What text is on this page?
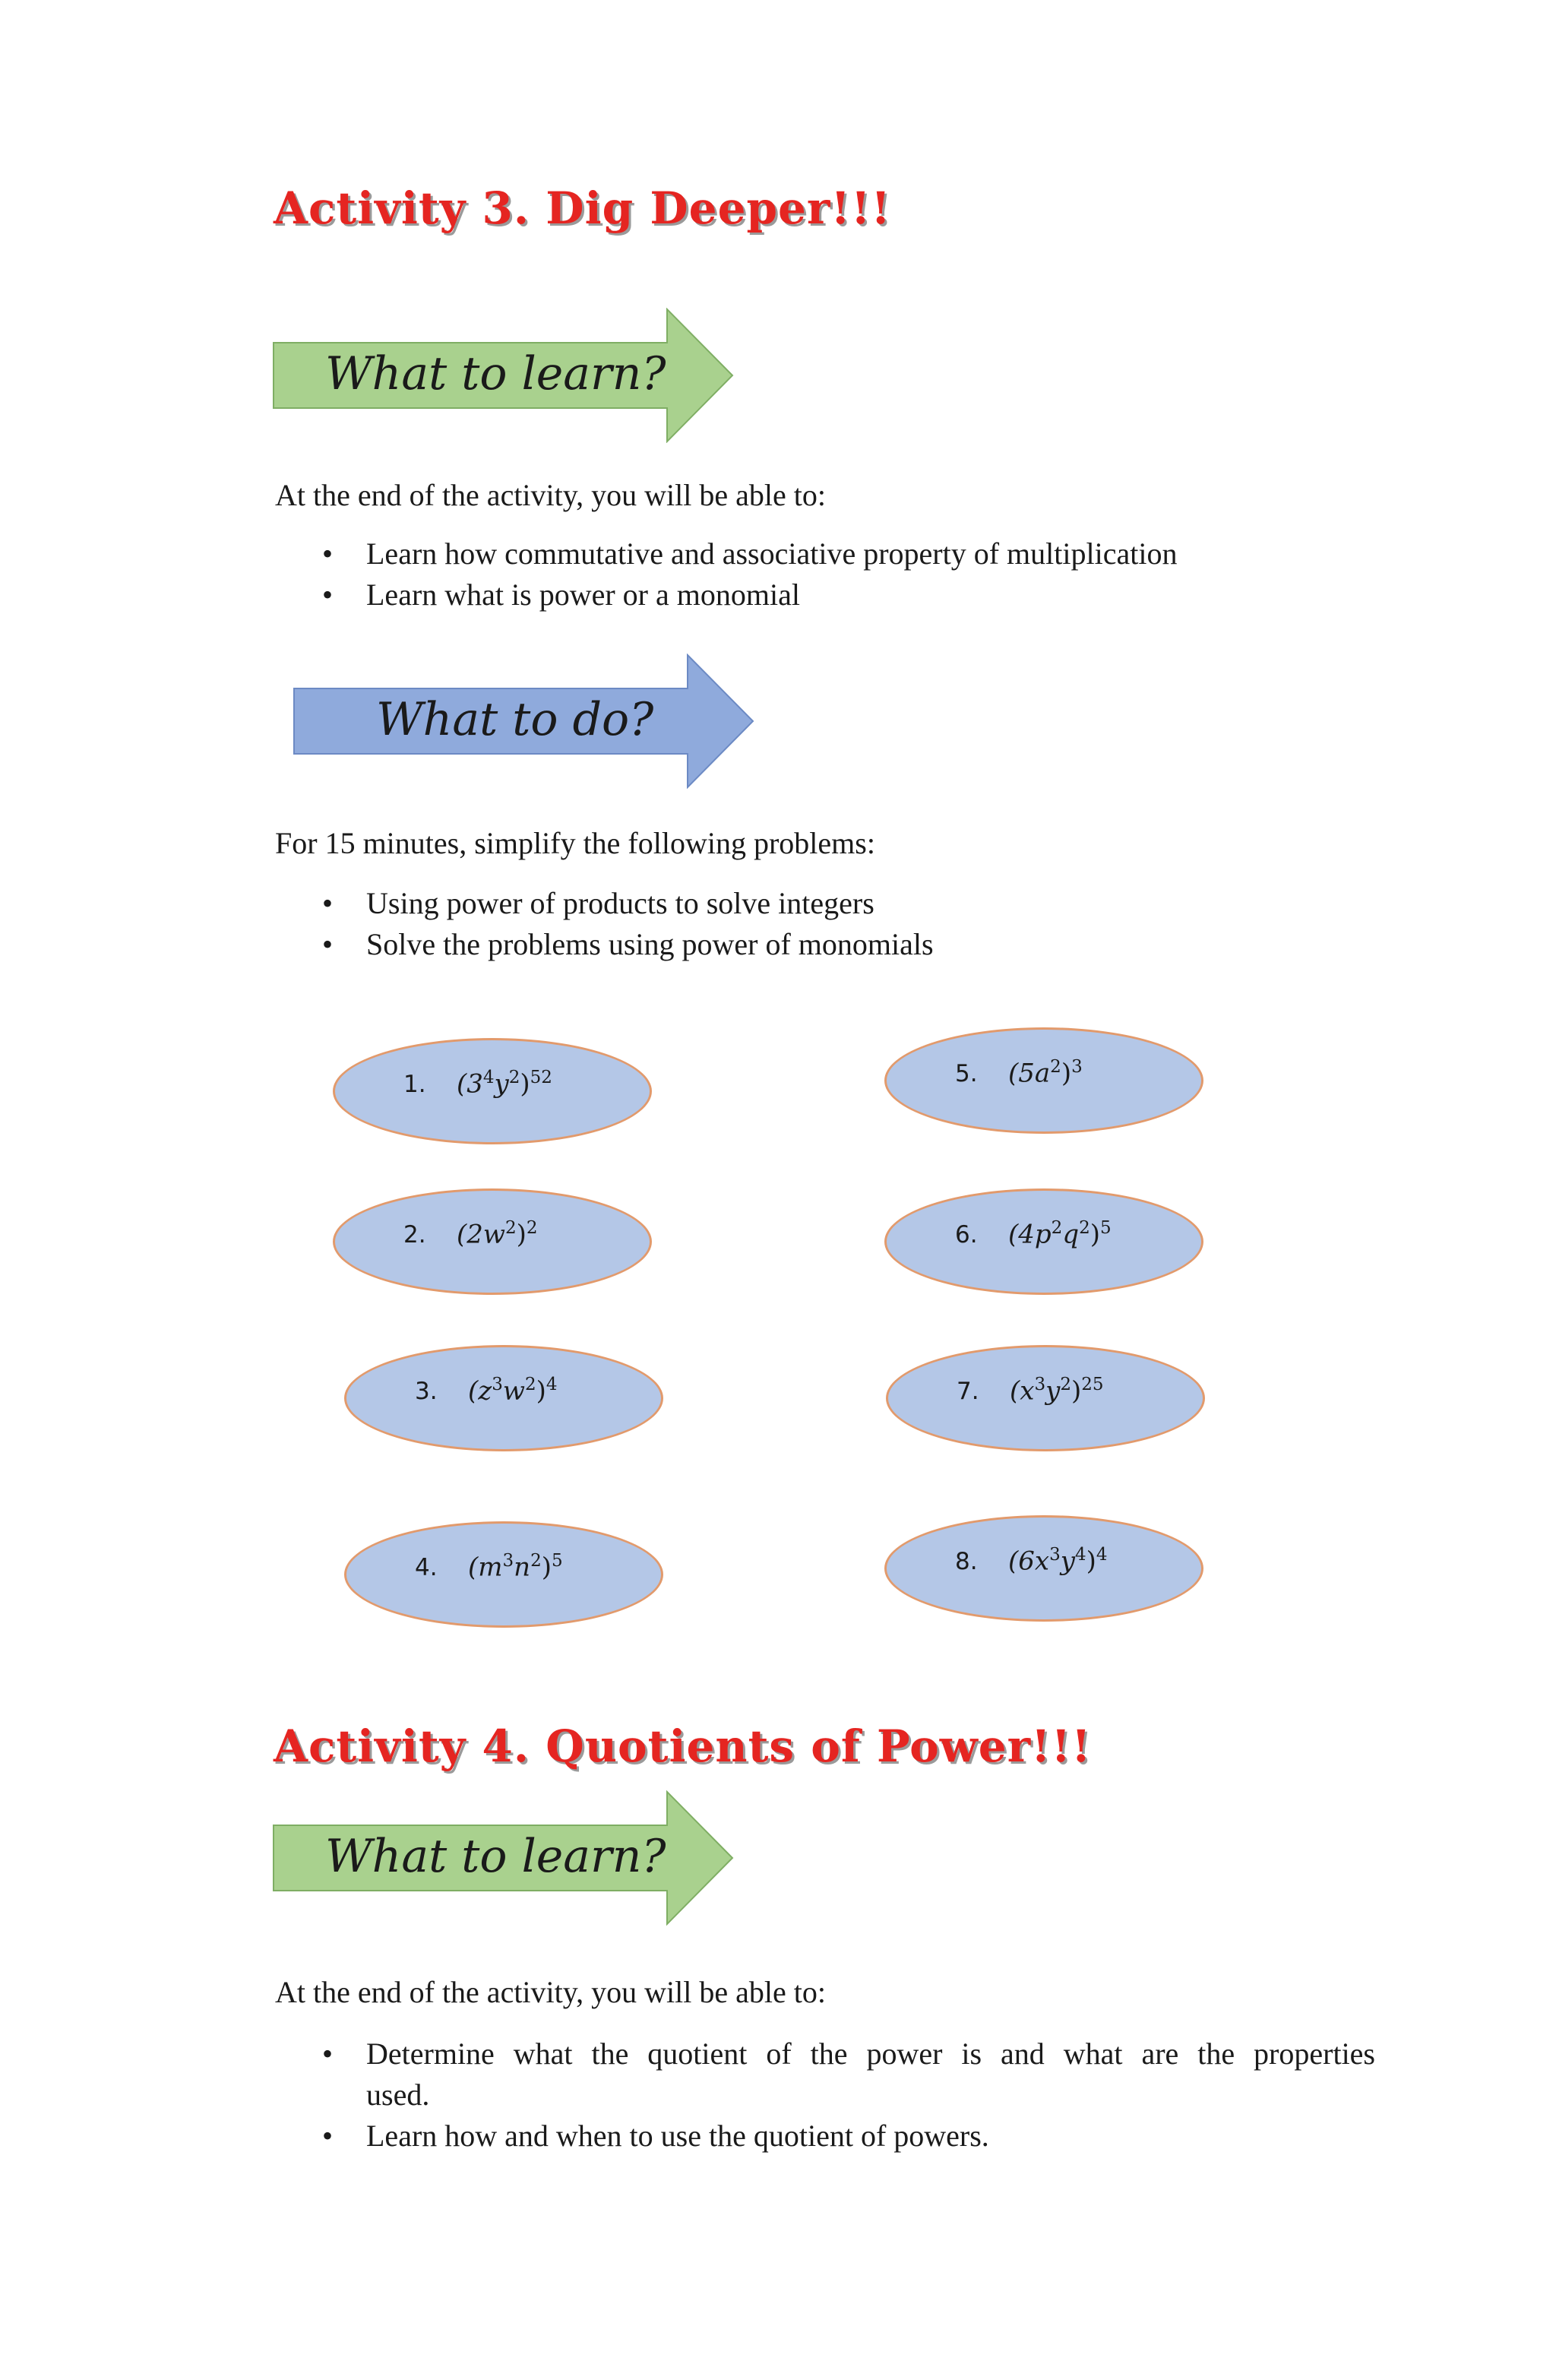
Activity 3. Dig Deeper!!!
What to learn?
At the end of the activity, you will be able to:
• Learn how commutative and associative property of multiplication
• Learn what is power or a monomial
What to do?
For 15 minutes, simplify the following problems:
• Using power of products to solve integers
• Solve the problems using power of monomials
1. $(3^4y^2)^{52}$
2. $(2w^2)^2$
3. $(z^3w^2)^4$
4. $(m^3n^2)^5$
5. $(5a^2)^3$
6. $(4p^2q^2)^5$
7. $(x^3y^2)^{25}$
8. $(6x^3y^4)^4$
Activity 4. Quotients of Power!!!
What to learn?
At the end of the activity, you will be able to:
• Determine what the quotient of the power is and what are the properties
used.
• Learn how and when to use the quotient of powers.
